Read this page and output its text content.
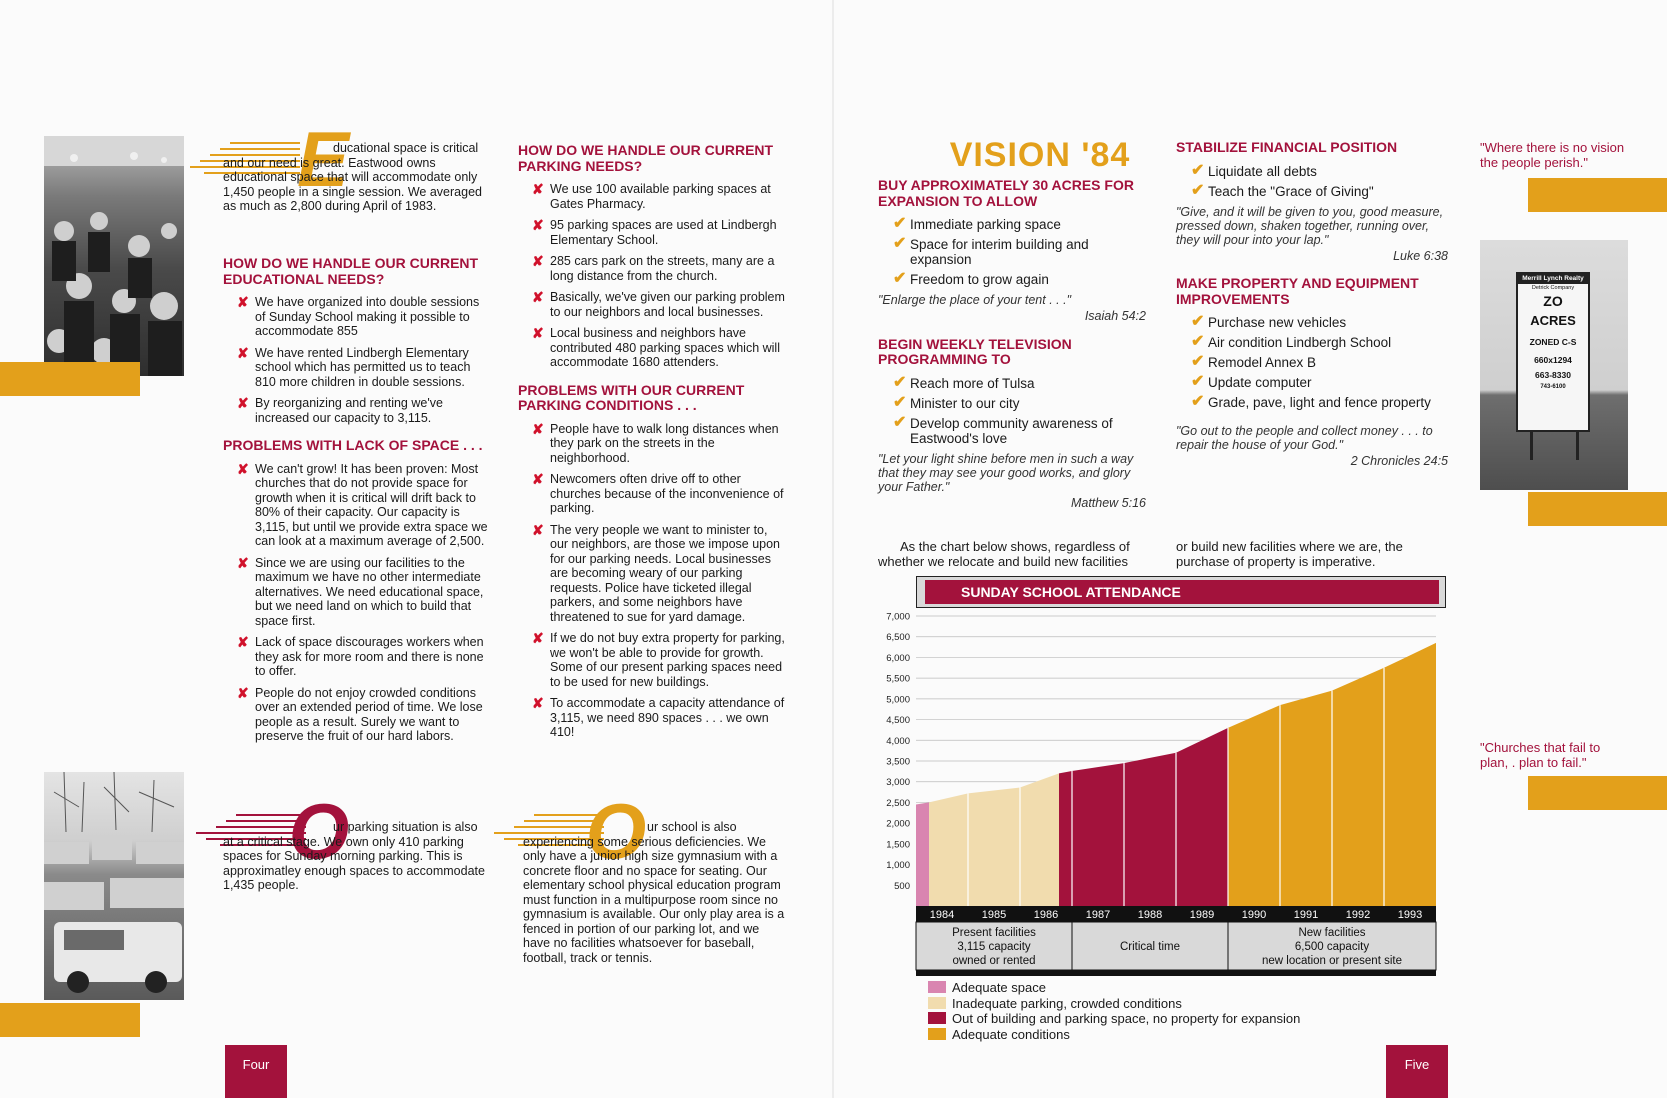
E

ducational space is critical and our need is great. Eastwood owns educational space that will accommodate only 1,450 people in a single session. We averaged as much as 2,800 during April of 1983.

HOW DO WE HANDLE OUR CURRENT EDUCATIONAL NEEDS?
✘ We have organized into double sessions of Sunday School making it possible to accommodate 855
✘ We have rented Lindbergh Elementary school which has permitted us to teach 810 more children in double sessions.
✘ By reorganizing and renting we've increased our capacity to 3,115.
PROBLEMS WITH LACK OF SPACE . . .
✘ We can't grow! It has been proven: Most churches that do not provide space for growth when it is critical will drift back to 80% of their capacity. Our capacity is 3,115, but until we provide extra space we can look at a maximum average of 2,500.
✘ Since we are using our facilities to the maximum we have no other intermediate alternatives. We need educational space, but we need land on which to build that space first.
✘ Lack of space discourages workers when they ask for more room and there is none to offer.
✘ People do not enjoy crowded conditions over an extended period of time. We lose people as a result. Surely we want to preserve the fruit of our hard labors.
O

ur parking situation is also at a critical stage. We own only 410 parking spaces for Sunday morning parking. This is approximatley enough spaces to accommodate 1,435 people.

HOW DO WE HANDLE OUR CURRENT PARKING NEEDS?
✘ We use 100 available parking spaces at Gates Pharmacy.
✘ 95 parking spaces are used at Lindbergh Elementary School.
✘ 285 cars park on the streets, many are a long distance from the church.
✘ Basically, we've given our parking problem to our neighbors and local businesses.
✘ Local business and neighbors have contributed 480 parking spaces which will accommodate 1680 attenders.
PROBLEMS WITH OUR CURRENT PARKING CONDITIONS . . .
✘ People have to walk long distances when they park on the streets in the neighborhood.
✘ Newcomers often drive off to other churches because of the inconvenience of parking.
✘ The very people we want to minister to, our neighbors, are those we impose upon for our parking needs. Local businesses are becoming weary of our parking requests. Police have ticketed illegal parkers, and some neighbors have threatened to sue for yard damage.
✘ If we do not buy extra property for parking, we won't be able to provide for growth. Some of our present parking spaces need to be used for new buildings.
✘ To accommodate a capacity attendance of 3,115, we need 890 spaces . . . we own 410!
O ur school is also experiencing some serious deficiencies. We only have a junior high size gymnasium with a concrete floor and no space for seating. Our elementary school physical education program must function in a multipurpose room since no gymnasium is available. Our only play area is a fenced in portion of our parking lot, and we have no facilities whatsoever for baseball, football, track or tennis.

Four
VISION '84
BUY APPROXIMATELY 30 ACRES FOR EXPANSION TO ALLOW
✔ Immediate parking space
✔ Space for interim building and expansion
✔ Freedom to grow again
"Enlarge the place of your tent . . ."
Isaiah 54:2
BEGIN WEEKLY TELEVISION PROGRAMMING TO
✔ Reach more of Tulsa
✔ Minister to our city
✔ Develop community awareness of Eastwood's love
"Let your light shine before men in such a way that they may see your good works, and glory your Father."
Matthew 5:16
STABILIZE FINANCIAL POSITION
✔ Liquidate all debts
✔ Teach the "Grace of Giving"
"Give, and it will be given to you, good measure, pressed down, shaken together, running over, they will pour into your lap."
Luke 6:38
MAKE PROPERTY AND EQUIPMENT IMPROVEMENTS
✔ Purchase new vehicles
✔ Air condition Lindbergh School
✔ Remodel Annex B
✔ Update computer
✔ Grade, pave, light and fence property
"Go out to the people and collect money . . . to repair the house of your God."
2 Chronicles 24:5
"Where there is no vision the people perish."
Merrill Lynch Realty
Detrick Company
ZO
ACRES
ZONED C-S
660x1294
663-8330
743-6100
"Churches that fail to plan, . plan to fail."
As the chart below shows, regardless of whether we relocate and build new facilities
or build new facilities where we are, the purchase of property is imperative.
SUNDAY SCHOOL ATTENDANCE
7,000
6,500
6,000
5,500
5,000
4,500
4,000
3,500
3,000
2,500
2,000
1,500
1,000
500
1984	1985	1986	1987	1988	1989	1990	1991	1992	1993
Present facilities 3,115 capacity owned or rented
Critical time
New facilities 6,500 capacity new location or present site
Adequate space
Inadequate parking, crowded conditions
Out of building and parking space, no property for expansion
Adequate conditions
Five
